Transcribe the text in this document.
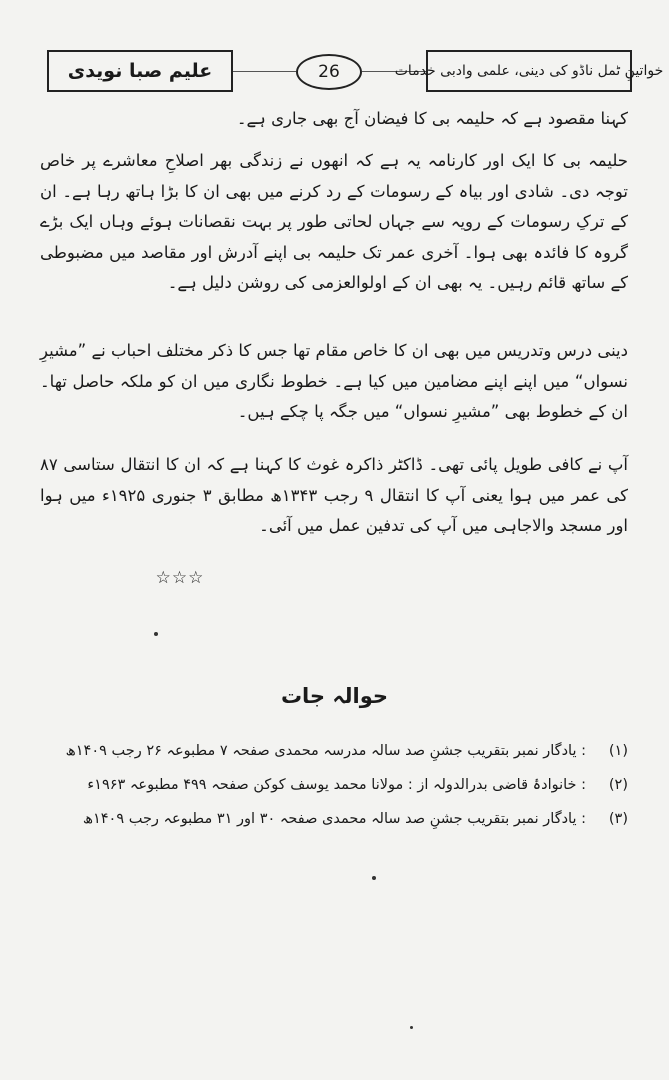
علیم صبا نویدی	26	خواتینِ ٹمل ناڈو کی دینی، علمی وادبی خدمات

کہنا مقصود ہے کہ حلیمہ بی کا فیضان آج بھی جاری ہے۔

حلیمہ بی کا ایک اور کارنامہ یہ ہے کہ انھوں نے زندگی بھر اصلاحِ معاشرے پر خاص توجہ دی۔ شادی اور بیاہ کے رسومات کے رد کرنے میں بھی ان کا بڑا ہاتھ رہا ہے۔ ان کے ترکِ رسومات کے رویہ سے جہاں لحاتی طور پر بہت نقصانات ہوئے وہاں ایک بڑے گروہ کا فائدہ بھی ہوا۔ آخری عمر تک حلیمہ بی اپنے آدرش اور مقاصد میں مضبوطی کے ساتھ قائم رہیں۔ یہ بھی ان کے اولوالعزمی کی روشن دلیل ہے۔

دینی درس وتدریس میں بھی ان کا خاص مقام تھا جس کا ذکر مختلف احباب نے ”مشیرِ نسواں“ میں اپنے اپنے مضامین میں کیا ہے۔ خطوط نگاری میں ان کو ملکہ حاصل تھا۔ ان کے خطوط بھی ”مشیرِ نسواں“ میں جگہ پا چکے ہیں۔

آپ نے کافی طویل پائی تھی۔ ڈاکٹر ذاکرہ غوث کا کہنا ہے کہ ان کا انتقال ستاسی ۸۷ کی عمر میں ہوا یعنی آپ کا انتقال ۹ رجب ۱۳۴۳ھ مطابق ۳ جنوری ۱۹۲۵ء میں ہوا اور مسجد والاجاہی میں آپ کی تدفین عمل میں آئی۔

☆☆☆
حوالہ جات
(۱)
: یادگار نمبر بتقریب جشنِ صد سالہ مدرسہ محمدی صفحہ ۷ مطبوعہ ۲۶ رجب ۱۴۰۹ھ
(۲)
: خانوادۂ قاضی بدرالدولہ از : مولانا محمد یوسف کوکن صفحہ ۴۹۹ مطبوعہ ۱۹۶۳ء
(۳)
: یادگار نمبر بتقریب جشنِ صد سالہ محمدی صفحہ ۳۰ اور ۳۱ مطبوعہ رجب ۱۴۰۹ھ
